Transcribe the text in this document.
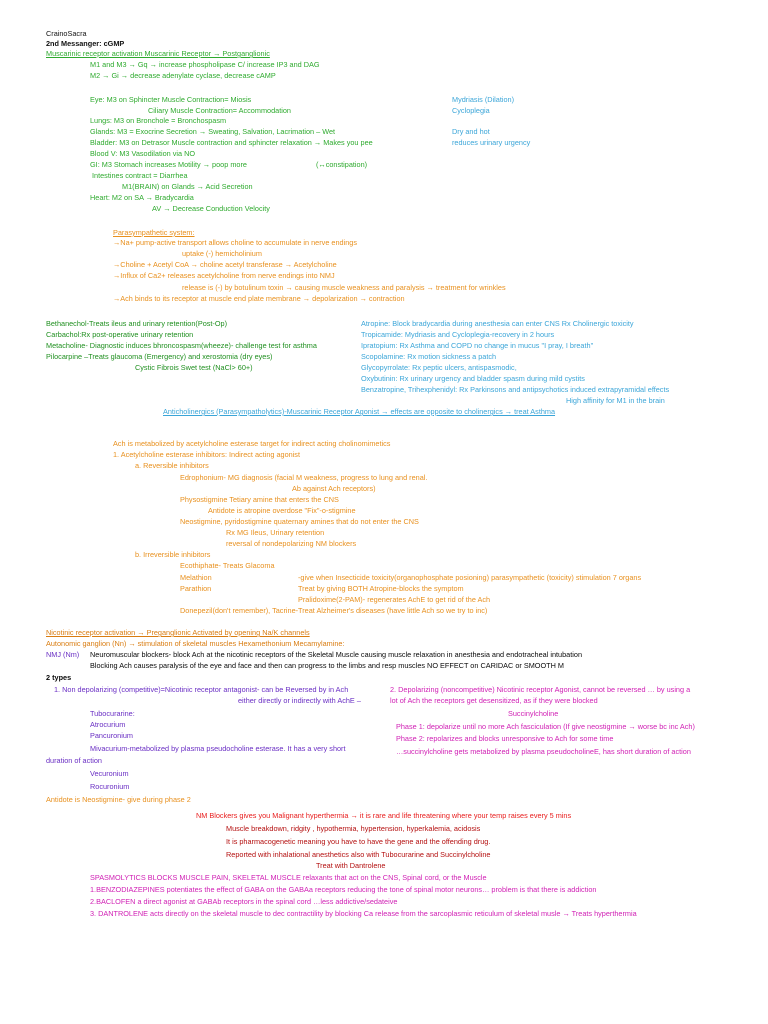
CrainoSacra
2nd Messanger: cGMP
Muscarinic receptor activation Muscarinic Receptor → Postganglionic
M1 and M3 → Gq → increase phospholipase C/ increase IP3 and DAG
M2 → Gi → decrease adenylate cyclase, decrease cAMP
Eye: M3 on Sphincter Muscle Contraction= Miosis
Ciliary Muscle Contraction= Accommodation
Lungs: M3 on Bronchole = Bronchospasm
Glands: M3 = Exocrine Secretion → Sweating, Salvation, Lacrimation – Wet
Bladder: M3 on Detrasor Muscle contraction and sphincter relaxation → Makes you pee
Blood V: M3 Vasodilation via NO
GI: M3 Stomach increases Motility → poop more	(↔constipation)
Intestines contract = Diarrhea
M1(BRAIN) on Glands → Acid Secretion
Heart: M2 on SA → Bradycardia
AV → Decrease Conduction Velocity
Mydriasis (Dilation)
Cycloplegia
Dry and hot
reduces urinary urgency
Parasympathetic system:
→Na+ pump-active transport allows choline to accumulate in nerve endings
uptake (-) hemicholinium
→Choline + Acetyl CoA → choline acetyl transferase → Acetylcholine
→Influx of Ca2+ releases acetylcholine from nerve endings into NMJ
release is (-) by botulinum toxin → causing muscle weakness and paralysis → treatment for wrinkles
→Ach binds to its receptor at muscle end plate membrane → depolarization → contraction
Bethanechol-Treats ileus and urinary retention(Post-Op)
Carbachol:Rx post-operative urinary retention
Metacholine- Diagnostic induces bhroncospasm(wheeze)- challenge test for asthma
Pilocarpine –Treats glaucoma (Emergency) and xerostomia (dry eyes)
Cystic Fibrois Swet test (NaCl> 60+)
Atropine: Block bradycardia during anesthesia can enter CNS Rx Cholinergic toxicity
Tropicamide: Mydriasis and Cycloplegia-recovery in 2 hours
Ipratopium: Rx Asthma and COPD no change in mucus "I pray, I breath"
Scopolamine: Rx motion sickness a patch
Glycopyrrolate: Rx peptic ulcers, antispasmodic,
Oxybutinin: Rx urinary urgency and bladder spasm during mild cystits
Benzatropine, Trihexphenidyl: Rx Parkinsons and antipsychotics induced extrapyramidal effects
High affinity for M1 in the brain
Anticholinergics (Parasympatholytics)-Muscarinic Receptor Agonist → effects are opposite to cholinergics → treat Asthma
Ach is metabolized by acetylcholine esterase target for indirect acting cholinomimetics
1. Acetylcholine esterase inhibitors: Indirect acting agonist
a. Reversible inhibitors
Edrophonium- MG diagnosis (facial M weakness, progress to lung and renal.
Ab against Ach receptors)
Physostigmine Tetiary amine that enters the CNS
Antidote is atropine overdose "Fix"-o-stigmine
Neostigmine, pyridostigmine quaternary amines that do not enter the CNS
Rx MG Ileus, Urinary retention
reversal of nondepolarizing NM blockers
b. Irreversible inhibitors
Ecothiphate- Treats Glacoma
Melathion	-give when Insecticide toxicity(organophosphate posioning) parasympathetic (toxicity) stimulation 7 organs
Parathion	Treat by giving BOTH Atropine-blocks the symptom
Pralidoxime(2-PAM)- regenerates AchE to get rid of the Ach
Donepezil(don't remember), Tacrine-Treat Alzheimer's diseases (have little Ach so we try to inc)
Nicotinic receptor activation → Preganglionic Activated by opening Na/K channels
Autonomic ganglion (Nn) → stimulation of skeletal muscles Hexamethonium Mecamylamine:
NMJ (Nm) Neuromuscular blockers- block Ach at the nicotinic receptors of the Skeletal Muscle causing muscle relaxation in anesthesia and endotracheal intubation
Blocking Ach causes paralysis of the eye and face and then can progress to the limbs and resp muscles NO EFFECT on CARIDAC or SMOOTH M
2 types
1. Non depolarizing (competitive)=Nicotinic receptor antagonist- can be Reversed by in Ach
either directly or indirectly with AchE –
Tubocurarine:
Atrocurium
Pancuronium
Mivacurium-metabolized by plasma pseudocholine esterase. It has a very short
duration of action
Vecuronium
Rocuronium
Antidote is Neostigmine- give during phase 2
2. Depolarizing (noncompetitive) Nicotinic receptor Agonist, cannot be reversed … by using a
lot of Ach the receptors get desensitized, as if they were blocked
Succinylcholine
Phase 1: depolarize until no more Ach fasciculation (If give neostigmine → worse bc inc Ach)
Phase 2: repolarizes and blocks unresponsive to Ach for some time
…succinylcholine gets metabolized by plasma pseudocholineE, has short duration of action
NM Blockers gives you Malignant hyperthermia → it is rare and life threatening where your temp raises every 5 mins
Muscle breakdown, ridgity , hypothermia, hypertension, hyperkalemia, acidosis
It is pharmacogenetic meaning you have to have the gene and the offending drug.
Reported with inhalational anesthetics also with Tubocurarine and Succinylcholine
Treat with Dantrolene
SPASMOLYTICS BLOCKS MUSCLE PAIN, SKELETAL MUSCLE relaxants that act on the CNS, Spinal cord, or the Muscle
1.BENZODIAZEPINES potentiates the effect of GABA on the GABAa receptors reducing the tone of spinal motor neurons… problem is that there is addiction
2.BACLOFEN a direct agonist at GABAb receptors in the spinal cord …less addictive/sedateive
3. DANTROLENE acts directly on the skeletal muscle to dec contractility by blocking Ca release from the sarcoplasmic reticulum of skeletal musle → Treats hyperthermia
